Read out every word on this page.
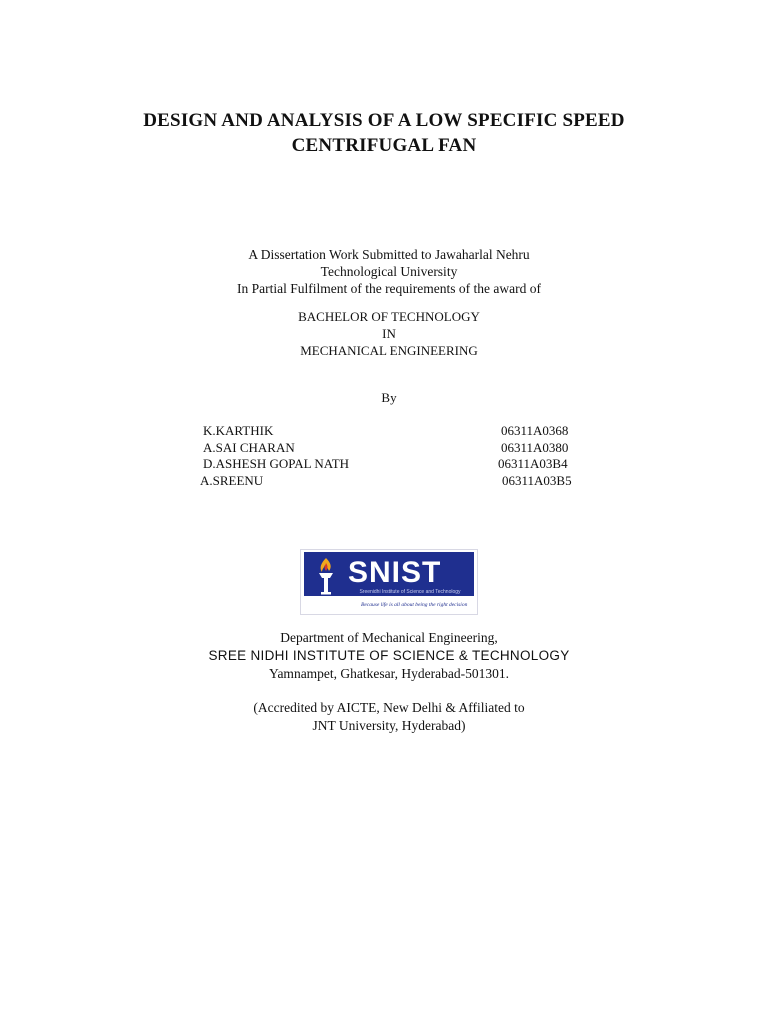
DESIGN AND ANALYSIS OF A LOW SPECIFIC SPEED
CENTRIFUGAL FAN
A Dissertation Work Submitted to Jawaharlal Nehru
Technological University
In Partial Fulfilment of the requirements of the award of
BACHELOR OF TECHNOLOGY
IN
MECHANICAL ENGINEERING
By
K.KARTHIK	06311A0368
A.SAI CHARAN	06311A0380
D.ASHESH GOPAL NATH	06311A03B4
A.SREENU	06311A03B5
SNIST
Sreenidhi Institute of Science and Technology
Because life is all about being the right decision
Department of Mechanical Engineering,
SREE NIDHI INSTITUTE OF SCIENCE & TECHNOLOGY
Yamnampet, Ghatkesar, Hyderabad-501301.
(Accredited by AICTE, New Delhi & Affiliated to
JNT University, Hyderabad)
